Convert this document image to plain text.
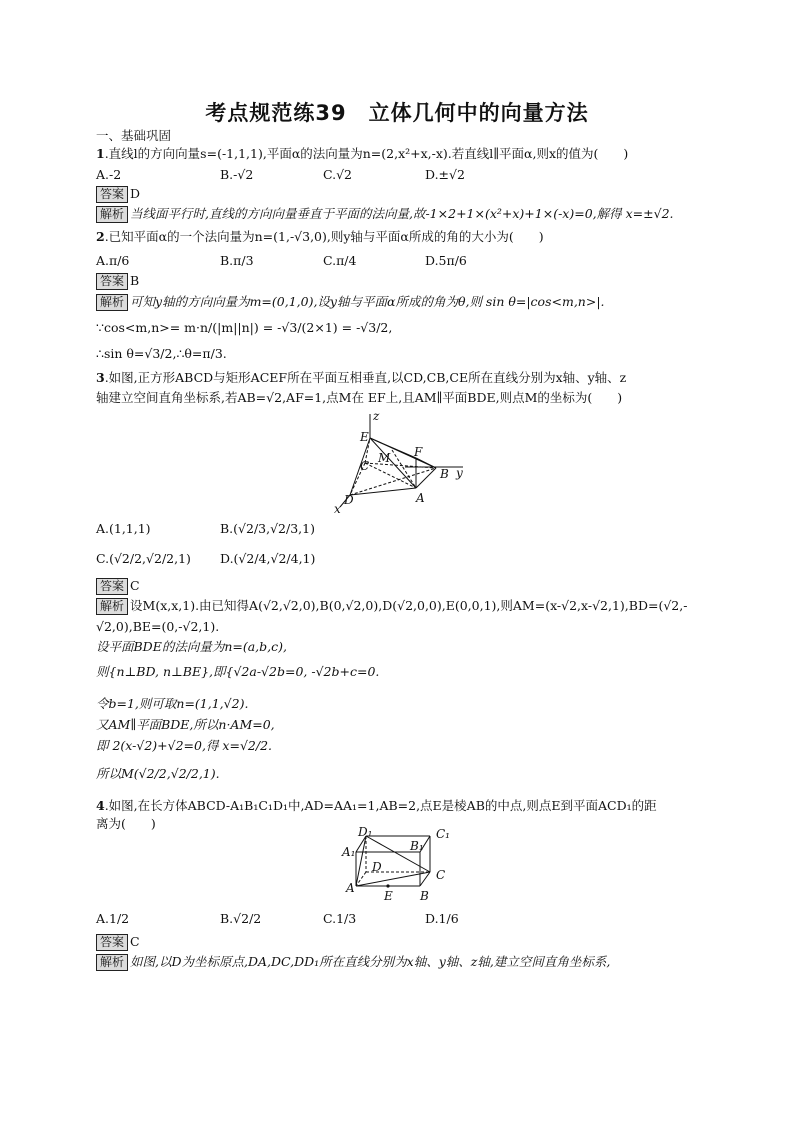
考点规范练39　立体几何中的向量方法
一、基础巩固
1.直线l的方向向量s=(-1,1,1),平面α的法向量为n=(2,x²+x,-x).若直线l∥平面α,则x的值为(　　)
A.-2	B.-√2	C.√2	D.±√2
答案 D
解析 当线面平行时,直线的方向向量垂直于平面的法向量,故-1×2+1×(x²+x)+1×(-x)=0,解得 x=±√2.
2.已知平面α的一个法向量为n=(1,-√3,0),则y轴与平面α所成的角的大小为(　　)
A.π/6	B.π/3	C.π/4	D.5π/6
答案 B
解析 可知y轴的方向向量为m=(0,1,0),设y轴与平面α所成的角为θ,则 sin θ=|cos<m,n>|.
∵cos<m,n>= m·n/(|m||n|) = -√3/(2×1) = -√3/2,
∴sin θ=√3/2,∴θ=π/3.
3.如图,正方形ABCD与矩形ACEF所在平面互相垂直,以CD,CB,CE所在直线分别为x轴、y轴、z
轴建立空间直角坐标系,若AB=√2,AF=1,点M在 EF上,且AM∥平面BDE,则点M的坐标为(　　)
E
F
M
C
B
A
D
x
y
z
A.(1,1,1)	B.(√2/3,√2/3,1)
C.(√2/2,√2/2,1) D.(√2/4,√2/4,1)
答案 C
解析 设M(x,x,1).由已知得A(√2,√2,0),B(0,√2,0),D(√2,0,0),E(0,0,1),则AM=(x-√2,x-√2,1),BD=(√2,-
√2,0),BE=(0,-√2,1).
设平面BDE的法向量为n=(a,b,c),
则{n⊥BD, n⊥BE},即{√2a-√2b=0, -√2b+c=0.
令b=1,则可取n=(1,1,√2).
又AM∥平面BDE,所以n·AM=0,
即 2(x-√2)+√2=0,得 x=√2/2.
所以M(√2/2,√2/2,1).
4.如图,在长方体ABCD-A₁B₁C₁D₁中,AD=AA₁=1,AB=2,点E是棱AB的中点,则点E到平面ACD₁的距
离为(　　)
D₁	C₁
A₁	B₁
D
C
A
B
E
A.1/2	B.√2/2	C.1/3	D.1/6
答案 C
解析 如图,以D为坐标原点,DA,DC,DD₁所在直线分别为x轴、y轴、z轴,建立空间直角坐标系,
